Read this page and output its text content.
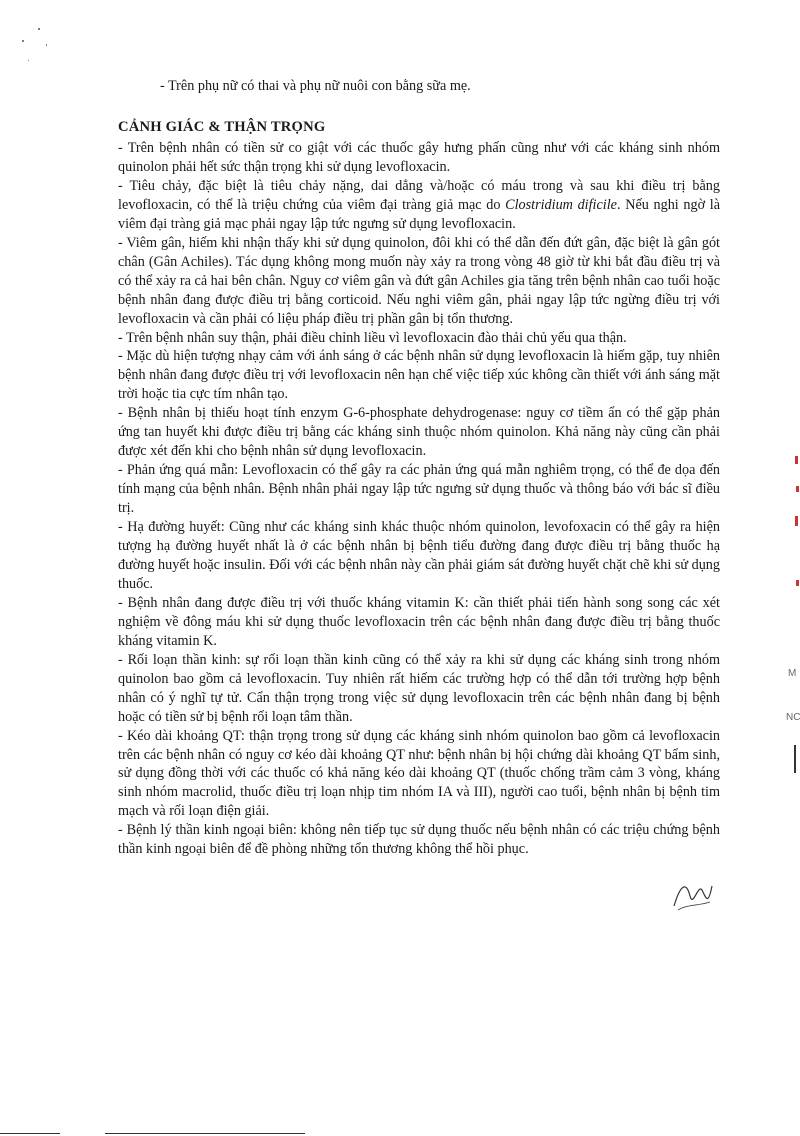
- Trên phụ nữ có thai và phụ nữ nuôi con bằng sữa mẹ.
CẢNH GIÁC & THẬN TRỌNG

- Trên bệnh nhân có tiền sử co giật với các thuốc gây hưng phấn cũng như với các kháng sinh nhóm quinolon phải hết sức thận trọng khi sử dụng levofloxacin.

- Tiêu chảy, đặc biệt là tiêu chảy nặng, dai dẳng và/hoặc có máu trong và sau khi điều trị bằng levofloxacin, có thể là triệu chứng của viêm đại tràng giả mạc do Clostridium dificile. Nếu nghi ngờ là viêm đại tràng giả mạc phải ngay lập tức ngưng sử dụng levofloxacin.

- Viêm gân, hiếm khi nhận thấy khi sử dụng quinolon, đôi khi có thể dẫn đến đứt gân, đặc biệt là gân gót chân (Gân Achiles). Tác dụng không mong muốn này xảy ra trong vòng 48 giờ từ khi bắt đầu điều trị và có thể xảy ra cả hai bên chân. Nguy cơ viêm gân và đứt gân Achiles gia tăng trên bệnh nhân cao tuổi hoặc bệnh nhân đang được điều trị bằng corticoid. Nếu nghi viêm gân, phải ngay lập tức ngừng điều trị với levofloxacin và cần phải có liệu pháp điều trị phần gân bị tổn thương.

- Trên bệnh nhân suy thận, phải điều chỉnh liều vì levofloxacin đào thải chủ yếu qua thận.

- Mặc dù hiện tượng nhạy cảm với ánh sáng ở các bệnh nhân sử dụng levofloxacin là hiếm gặp, tuy nhiên bệnh nhân đang được điều trị với levofloxacin nên hạn chế việc tiếp xúc không cần thiết với ánh sáng mặt trời hoặc tia cực tím nhân tạo.

- Bệnh nhân bị thiếu hoạt tính enzym G-6-phosphate dehydrogenase: nguy cơ tiềm ẩn có thể gặp phản ứng tan huyết khi được điều trị bằng các kháng sinh thuộc nhóm quinolon. Khả năng này cũng cần phải được xét đến khi cho bệnh nhân sử dụng levofloxacin.

- Phản ứng quá mẫn: Levofloxacin có thể gây ra các phản ứng quá mẫn nghiêm trọng, có thể đe dọa đến tính mạng của bệnh nhân. Bệnh nhân phải ngay lập tức ngưng sử dụng thuốc và thông báo với bác sĩ điều trị.

- Hạ đường huyết: Cũng như các kháng sinh khác thuộc nhóm quinolon, levofoxacin có thể gây ra hiện tượng hạ đường huyết nhất là ở các bệnh nhân bị bệnh tiểu đường đang được điều trị bằng thuốc hạ đường huyết hoặc insulin. Đối với các bệnh nhân này cần phải giám sát đường huyết chặt chẽ khi sử dụng thuốc.

- Bệnh nhân đang được điều trị với thuốc kháng vitamin K: cần thiết phải tiến hành song song các xét nghiệm về đông máu khi sử dụng thuốc levofloxacin trên các bệnh nhân đang được điều trị bằng thuốc kháng vitamin K.

- Rối loạn thần kinh: sự rối loạn thần kinh cũng có thể xảy ra khi sử dụng các kháng sinh trong nhóm quinolon bao gồm cả levofloxacin. Tuy nhiên rất hiếm các trường hợp có thể dẫn tới trường hợp bệnh nhân có ý nghĩ tự tử. Cẩn thận trọng trong việc sử dụng levofloxacin trên các bệnh nhân đang bị bệnh hoặc có tiền sử bị bệnh rối loạn tâm thần.

- Kéo dài khoảng QT: thận trọng trong sử dụng các kháng sinh nhóm quinolon bao gồm cả levofloxacin trên các bệnh nhân có nguy cơ kéo dài khoảng QT như: bệnh nhân bị hội chứng dài khoảng QT bẩm sinh, sử dụng đồng thời với các thuốc có khả năng kéo dài khoảng QT (thuốc chống trầm cảm 3 vòng, kháng sinh nhóm macrolid, thuốc điều trị loạn nhịp tim nhóm IA và III), người cao tuổi, bệnh nhân bị bệnh tim mạch và rối loạn điện giải.

- Bệnh lý thần kinh ngoại biên: không nên tiếp tục sử dụng thuốc nếu bệnh nhân có các triệu chứng bệnh thần kinh ngoại biên để đề phòng những tổn thương không thể hồi phục.

M
NC
